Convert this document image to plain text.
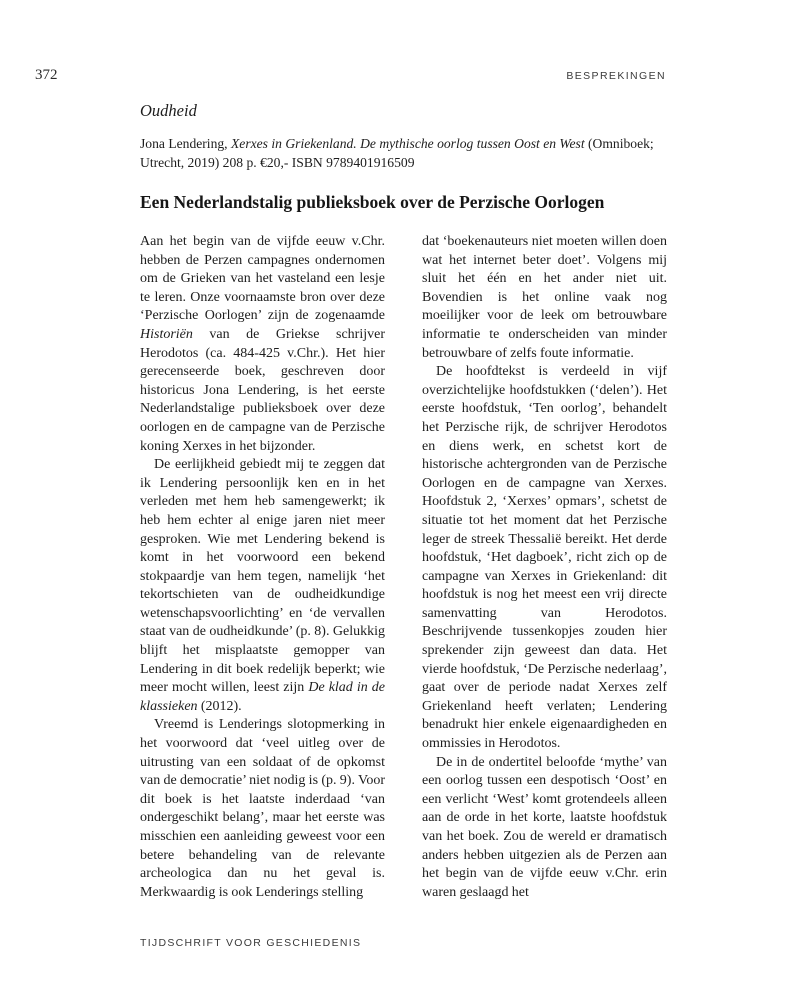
372	BESPREKINGEN
Oudheid

Jona Lendering, Xerxes in Griekenland. De mythische oorlog tussen Oost en West (Omniboek; Utrecht, 2019) 208 p. €20,- ISBN 9789401916509

Een Nederlandstalig publieksboek over de Perzische Oorlogen

Aan het begin van de vijfde eeuw v.Chr. hebben de Perzen campagnes ondernomen om de Grieken van het vasteland een lesje te leren. Onze voornaamste bron over deze ‘Perzische Oorlogen’ zijn de zogenaamde Historiën van de Griekse schrijver Herodotos (ca. 484-425 v.Chr.). Het hier gerecenseerde boek, geschreven door historicus Jona Lendering, is het eerste Nederlandstalige publieksboek over deze oorlogen en de campagne van de Perzische koning Xerxes in het bijzonder.

De eerlijkheid gebiedt mij te zeggen dat ik Lendering persoonlijk ken en in het verleden met hem heb samengewerkt; ik heb hem echter al enige jaren niet meer gesproken. Wie met Lendering bekend is komt in het voorwoord een bekend stokpaardje van hem tegen, namelijk ‘het tekortschieten van de oudheidkundige wetenschapsvoorlichting’ en ‘de vervallen staat van de oudheidkunde’ (p. 8). Gelukkig blijft het misplaatste gemopper van Lendering in dit boek redelijk beperkt; wie meer mocht willen, leest zijn De klad in de klassieken (2012).

Vreemd is Lenderings slotopmerking in het voorwoord dat ‘veel uitleg over de uitrusting van een soldaat of de opkomst van de democratie’ niet nodig is (p. 9). Voor dit boek is het laatste inderdaad ‘van ondergeschikt belang’, maar het eerste was misschien een aanleiding geweest voor een betere behandeling van de relevante archeologica dan nu het geval is. Merkwaardig is ook Lenderings stelling

dat ‘boekenauteurs niet moeten willen doen wat het internet beter doet’. Volgens mij sluit het één en het ander niet uit. Bovendien is het online vaak nog moeilijker voor de leek om betrouwbare informatie te onderscheiden van minder betrouwbare of zelfs foute informatie.

De hoofdtekst is verdeeld in vijf overzichtelijke hoofdstukken (‘delen’). Het eerste hoofdstuk, ‘Ten oorlog’, behandelt het Perzische rijk, de schrijver Herodotos en diens werk, en schetst kort de historische achtergronden van de Perzische Oorlogen en de campagne van Xerxes. Hoofdstuk 2, ‘Xerxes’ opmars’, schetst de situatie tot het moment dat het Perzische leger de streek Thessalië bereikt. Het derde hoofdstuk, ‘Het dagboek’, richt zich op de campagne van Xerxes in Griekenland: dit hoofdstuk is nog het meest een vrij directe samenvatting van Herodotos. Beschrijvende tussenkopjes zouden hier sprekender zijn geweest dan data. Het vierde hoofdstuk, ‘De Perzische nederlaag’, gaat over de periode nadat Xerxes zelf Griekenland heeft verlaten; Lendering benadrukt hier enkele eigenaardigheden en ommissies in Herodotos.

De in de ondertitel beloofde ‘mythe’ van een oorlog tussen een despotisch ‘Oost’ en een verlicht ‘West’ komt grotendeels alleen aan de orde in het korte, laatste hoofdstuk van het boek. Zou de wereld er dramatisch anders hebben uitgezien als de Perzen aan het begin van de vijfde eeuw v.Chr. erin waren geslaagd het

TIJDSCHRIFT VOOR GESCHIEDENIS
